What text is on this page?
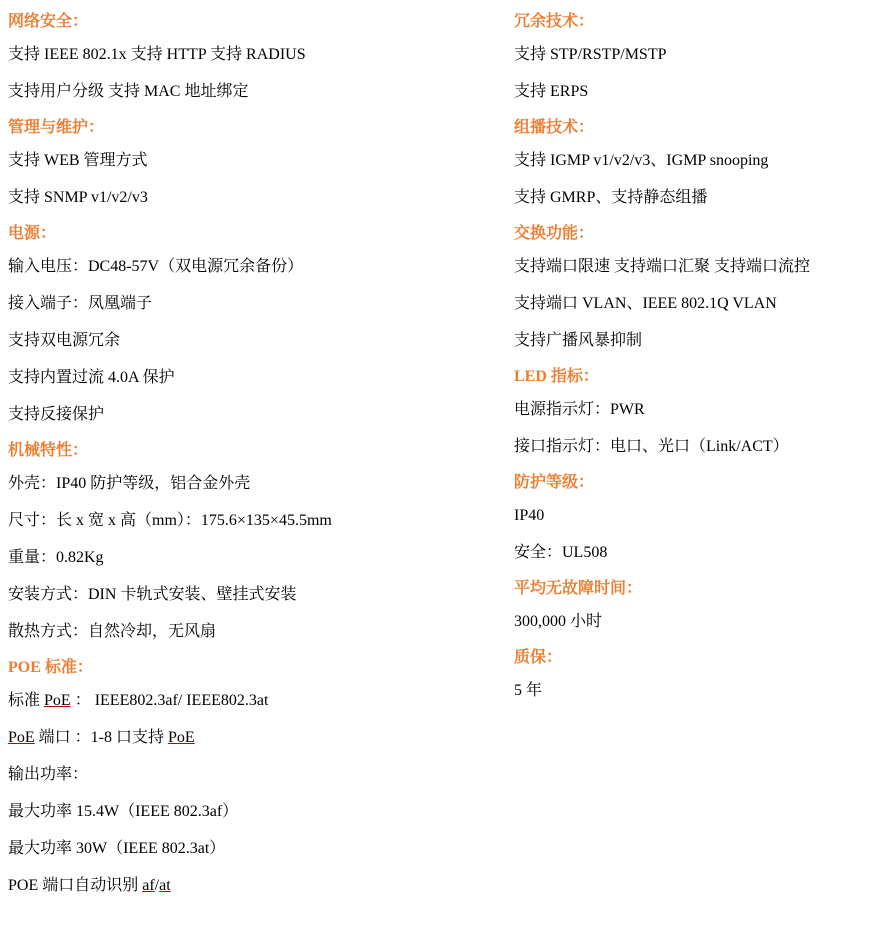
网络安全：
支持 IEEE 802.1x 支持 HTTP 支持 RADIUS
支持用户分级 支持 MAC 地址绑定
管理与维护：
支持 WEB 管理方式
支持 SNMP v1/v2/v3
电源：
输入电压：DC48-57V（双电源冗余备份）
接入端子：凤凰端子
支持双电源冗余
支持内置过流 4.0A 保护
支持反接保护
机械特性：
外壳：IP40 防护等级，铝合金外壳
尺寸：长 x 宽 x 高（mm）：175.6×135×45.5mm
重量：0.82Kg
安装方式：DIN 卡轨式安装、壁挂式安装
散热方式：自然冷却，无风扇
POE 标准：
标准 PoE ： IEEE802.3af/ IEEE802.3at
PoE 端口 ：1-8 口支持 PoE
输出功率：
最大功率 15.4W（IEEE 802.3af）
最大功率 30W（IEEE 802.3at）
POE 端口自动识别 af/at
冗余技术：
支持 STP/RSTP/MSTP
支持 ERPS
组播技术：
支持 IGMP v1/v2/v3、IGMP snooping
支持 GMRP、支持静态组播
交换功能：
支持端口限速 支持端口汇聚 支持端口流控
支持端口 VLAN、IEEE 802.1Q VLAN
支持广播风暴抑制
LED 指标：
电源指示灯：PWR
接口指示灯：电口、光口（Link/ACT）
防护等级：
IP40
安全：UL508
平均无故障时间：
300,000 小时
质保：
5 年
